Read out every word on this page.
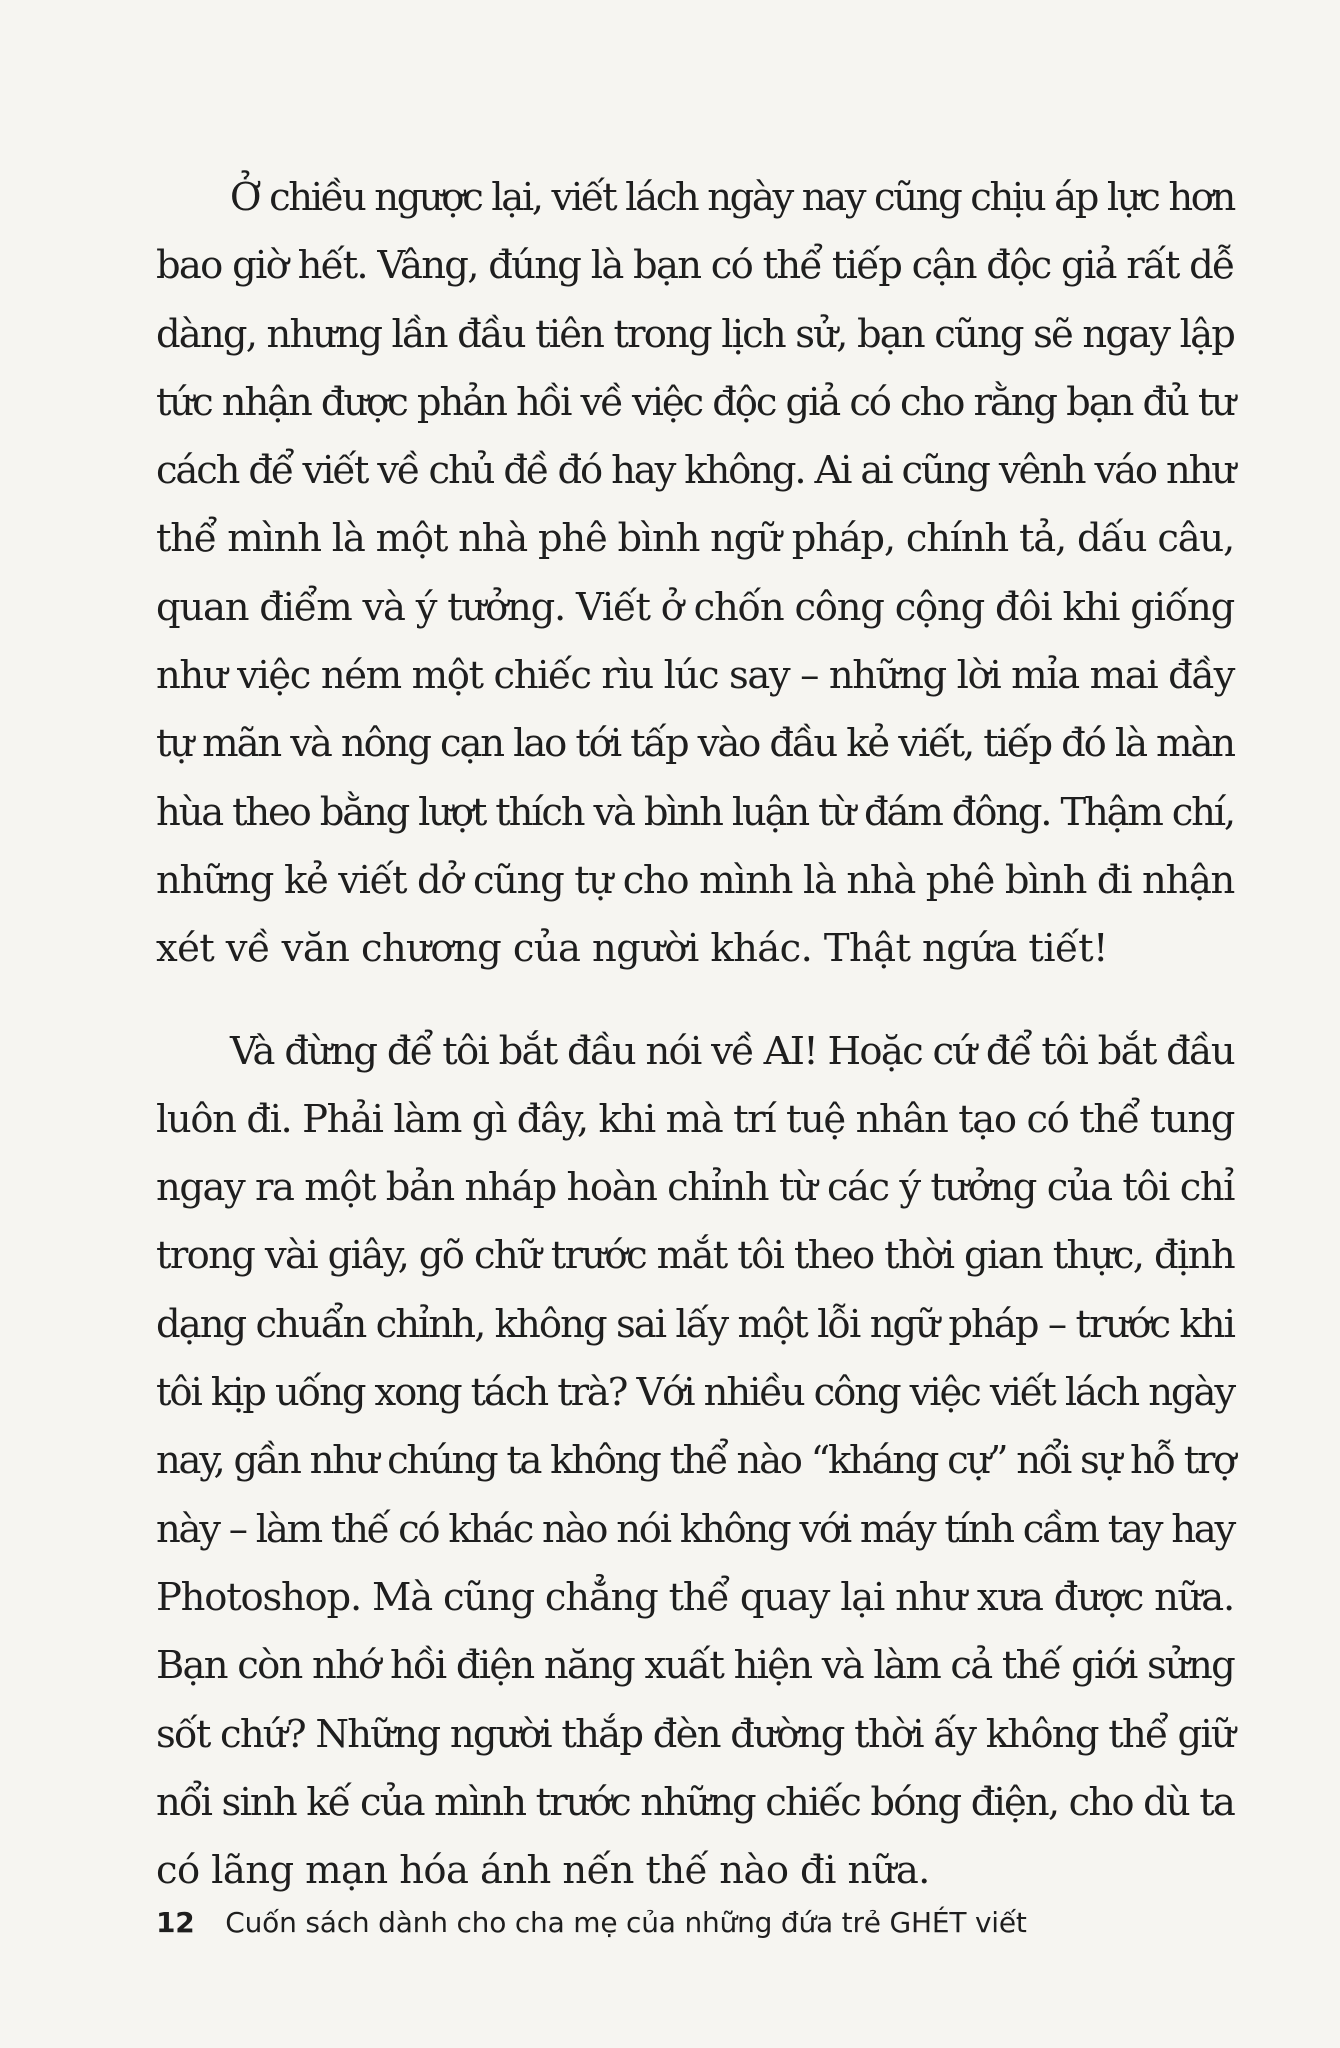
Ở chiều ngược lại, viết lách ngày nay cũng chịu áp lực hơn
bao giờ hết. Vâng, đúng là bạn có thể tiếp cận độc giả rất dễ
dàng, nhưng lần đầu tiên trong lịch sử, bạn cũng sẽ ngay lập
tức nhận được phản hồi về việc độc giả có cho rằng bạn đủ tư
cách để viết về chủ đề đó hay không. Ai ai cũng vênh váo như
thể mình là một nhà phê bình ngữ pháp, chính tả, dấu câu,
quan điểm và ý tưởng. Viết ở chốn công cộng đôi khi giống
như việc ném một chiếc rìu lúc say – những lời mỉa mai đầy
tự mãn và nông cạn lao tới tấp vào đầu kẻ viết, tiếp đó là màn
hùa theo bằng lượt thích và bình luận từ đám đông. Thậm chí,
những kẻ viết dở cũng tự cho mình là nhà phê bình đi nhận
xét về văn chương của người khác. Thật ngứa tiết!

Và đừng để tôi bắt đầu nói về AI! Hoặc cứ để tôi bắt đầu
luôn đi. Phải làm gì đây, khi mà trí tuệ nhân tạo có thể tung
ngay ra một bản nháp hoàn chỉnh từ các ý tưởng của tôi chỉ
trong vài giây, gõ chữ trước mắt tôi theo thời gian thực, định
dạng chuẩn chỉnh, không sai lấy một lỗi ngữ pháp – trước khi
tôi kịp uống xong tách trà? Với nhiều công việc viết lách ngày
nay, gần như chúng ta không thể nào “kháng cự” nổi sự hỗ trợ
này – làm thế có khác nào nói không với máy tính cầm tay hay
Photoshop. Mà cũng chẳng thể quay lại như xưa được nữa.
Bạn còn nhớ hồi điện năng xuất hiện và làm cả thế giới sửng
sốt chứ? Những người thắp đèn đường thời ấy không thể giữ
nổi sinh kế của mình trước những chiếc bóng điện, cho dù ta
có lãng mạn hóa ánh nến thế nào đi nữa.

12 Cuốn sách dành cho cha mẹ của những đứa trẻ GHÉT viết
